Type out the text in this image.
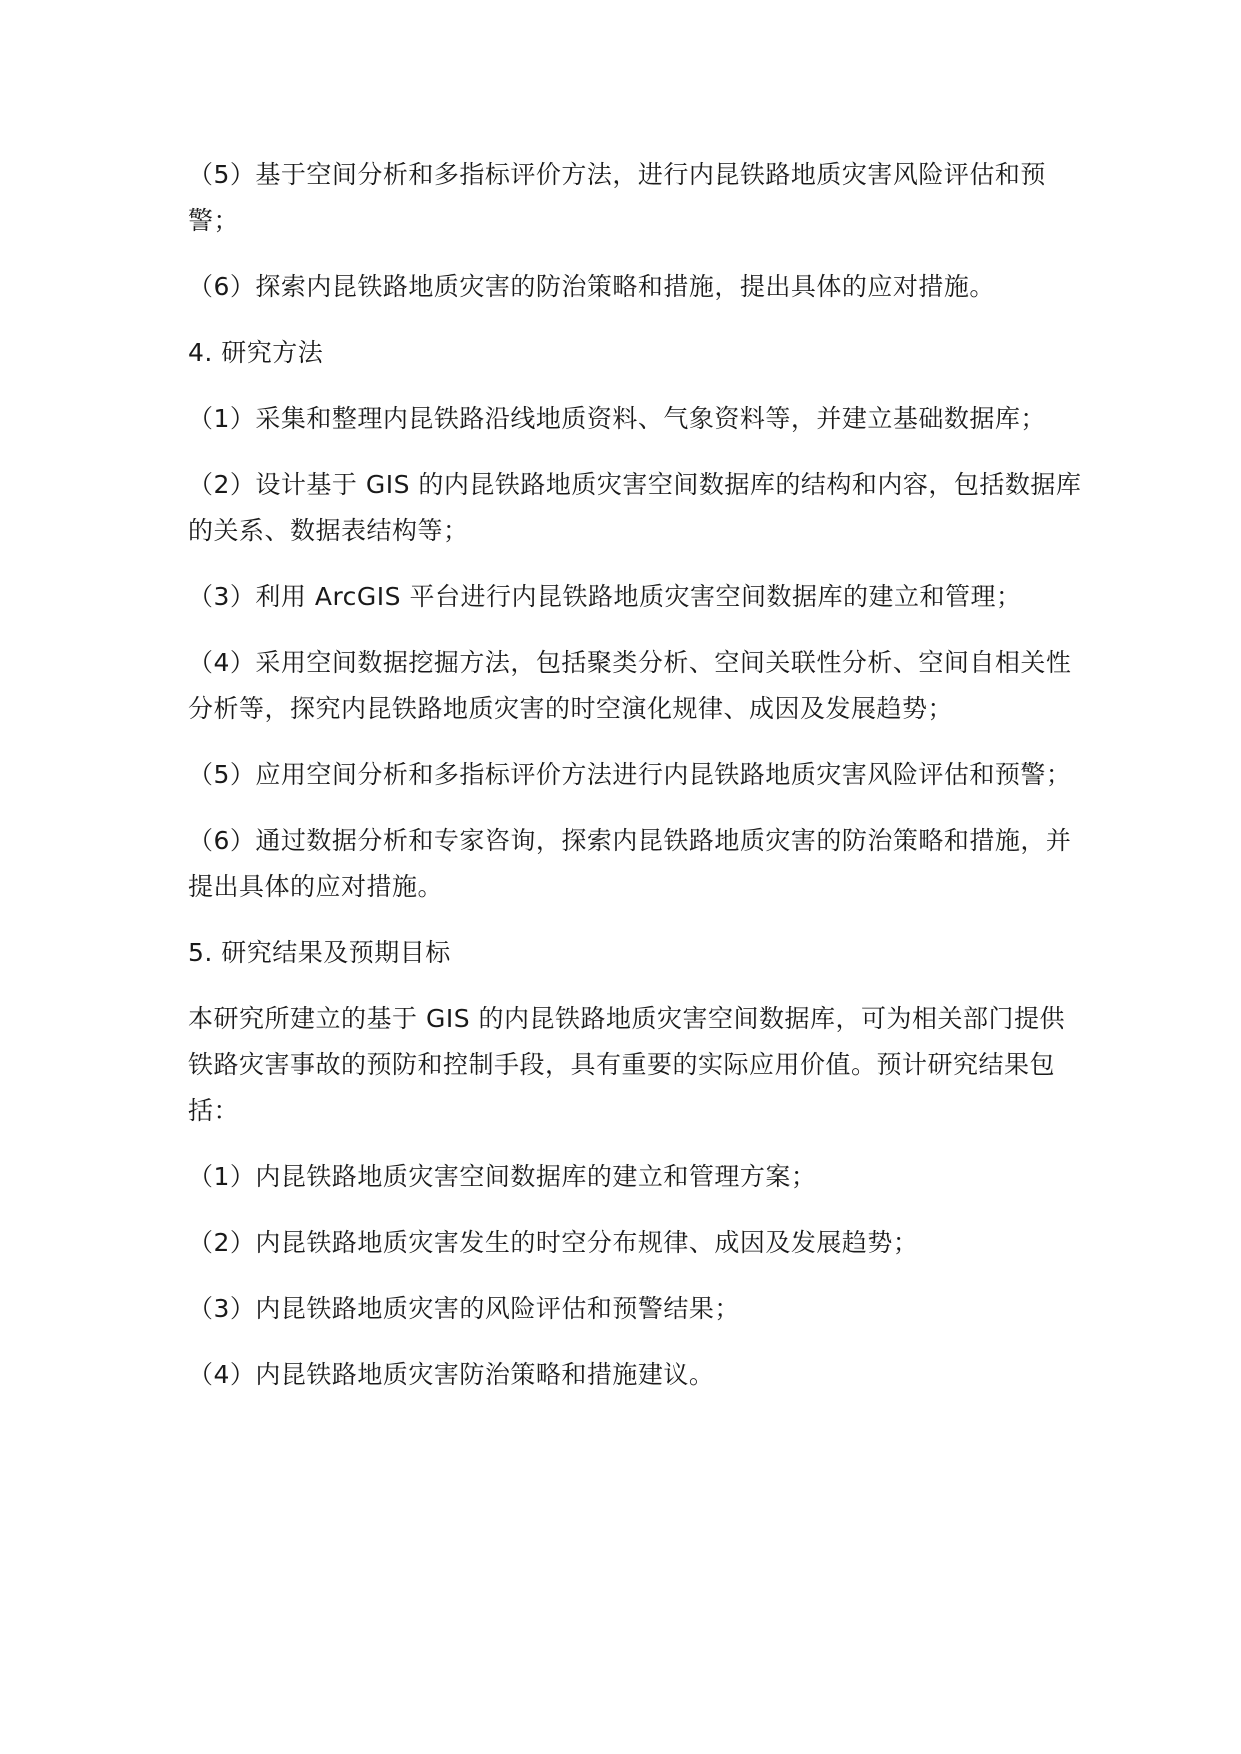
（5）基于空间分析和多指标评价方法，进行内昆铁路地质灾害风险评估和预警；

（6）探索内昆铁路地质灾害的防治策略和措施，提出具体的应对措施。

4. 研究方法

（1）采集和整理内昆铁路沿线地质资料、气象资料等，并建立基础数据库；

（2）设计基于 GIS 的内昆铁路地质灾害空间数据库的结构和内容，包括数据库的关系、数据表结构等；

（3）利用 ArcGIS 平台进行内昆铁路地质灾害空间数据库的建立和管理；

（4）采用空间数据挖掘方法，包括聚类分析、空间关联性分析、空间自相关性分析等，探究内昆铁路地质灾害的时空演化规律、成因及发展趋势；

（5）应用空间分析和多指标评价方法进行内昆铁路地质灾害风险评估和预警；

（6）通过数据分析和专家咨询，探索内昆铁路地质灾害的防治策略和措施，并提出具体的应对措施。

5. 研究结果及预期目标

本研究所建立的基于 GIS 的内昆铁路地质灾害空间数据库，可为相关部门提供铁路灾害事故的预防和控制手段，具有重要的实际应用价值。预计研究结果包括：

（1）内昆铁路地质灾害空间数据库的建立和管理方案；

（2）内昆铁路地质灾害发生的时空分布规律、成因及发展趋势；

（3）内昆铁路地质灾害的风险评估和预警结果；

（4）内昆铁路地质灾害防治策略和措施建议。
